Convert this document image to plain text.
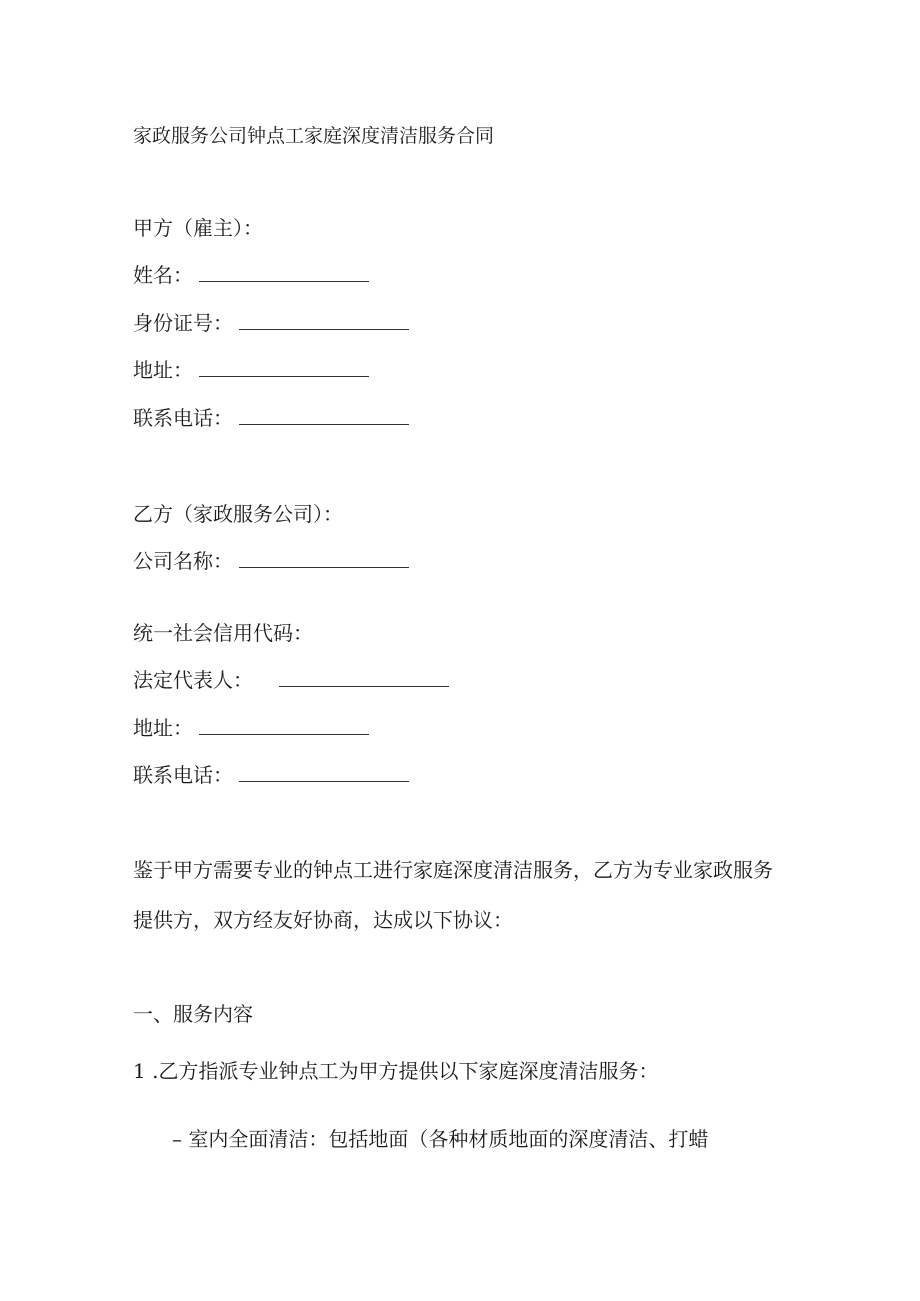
家政服务公司钟点工家庭深度清洁服务合同
甲方（雇主）：
姓名：
身份证号：
地址：
联系电话：
乙方（家政服务公司）：
公司名称：
统一社会信用代码：
法定代表人：
地址：
联系电话：
鉴于甲方需要专业的钟点工进行家庭深度清洁服务，乙方为专业家政服务
提供方，双方经友好协商，达成以下协议：
一、服务内容
1 .乙方指派专业钟点工为甲方提供以下家庭深度清洁服务：
– 室内全面清洁：包括地面（各种材质地面的深度清洁、打蜡
